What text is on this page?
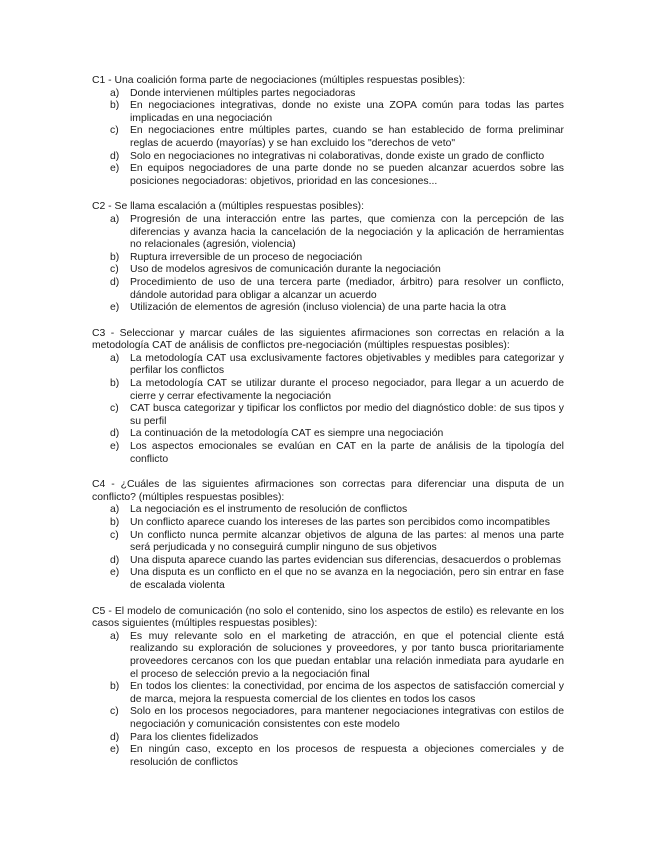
C1 - Una coalición forma parte de negociaciones (múltiples respuestas posibles):
a) Donde intervienen múltiples partes negociadoras
b) En negociaciones integrativas, donde no existe una ZOPA común para todas las partes implicadas en una negociación
c) En negociaciones entre múltiples partes, cuando se han establecido de forma preliminar reglas de acuerdo (mayorías) y se han excluido los "derechos de veto"
d) Solo en negociaciones no integrativas ni colaborativas, donde existe un grado de conflicto
e) En equipos negociadores de una parte donde no se pueden alcanzar acuerdos sobre las posiciones negociadoras: objetivos, prioridad en las concesiones...
C2 - Se llama escalación a (múltiples respuestas posibles):
a) Progresión de una interacción entre las partes, que comienza con la percepción de las diferencias y avanza hacia la cancelación de la negociación y la aplicación de herramientas no relacionales (agresión, violencia)
b) Ruptura irreversible de un proceso de negociación
c) Uso de modelos agresivos de comunicación durante la negociación
d) Procedimiento de uso de una tercera parte (mediador, árbitro) para resolver un conflicto, dándole autoridad para obligar a alcanzar un acuerdo
e) Utilización de elementos de agresión (incluso violencia) de una parte hacia la otra
C3 - Seleccionar y marcar cuáles de las siguientes afirmaciones son correctas en relación a la metodología CAT de análisis de conflictos pre-negociación (múltiples respuestas posibles):
a) La metodología CAT usa exclusivamente factores objetivables y medibles para categorizar y perfilar los conflictos
b) La metodología CAT se utilizar durante el proceso negociador, para llegar a un acuerdo de cierre y cerrar efectivamente la negociación
c) CAT busca categorizar y tipificar los conflictos por medio del diagnóstico doble: de sus tipos y su perfil
d) La continuación de la metodología CAT es siempre una negociación
e) Los aspectos emocionales se evalúan en CAT en la parte de análisis de la tipología del conflicto
C4 - ¿Cuáles de las siguientes afirmaciones son correctas para diferenciar una disputa de un conflicto? (múltiples respuestas posibles):
a) La negociación es el instrumento de resolución de conflictos
b) Un conflicto aparece cuando los intereses de las partes son percibidos como incompatibles
c) Un conflicto nunca permite alcanzar objetivos de alguna de las partes: al menos una parte será perjudicada y no conseguirá cumplir ninguno de sus objetivos
d) Una disputa aparece cuando las partes evidencian sus diferencias, desacuerdos o problemas
e) Una disputa es un conflicto en el que no se avanza en la negociación, pero sin entrar en fase de escalada violenta
C5 - El modelo de comunicación (no solo el contenido, sino los aspectos de estilo) es relevante en los casos siguientes (múltiples respuestas posibles):
a) Es muy relevante solo en el marketing de atracción, en que el potencial cliente está realizando su exploración de soluciones y proveedores, y por tanto busca prioritariamente proveedores cercanos con los que puedan entablar una relación inmediata para ayudarle en el proceso de selección previo a la negociación final
b) En todos los clientes: la conectividad, por encima de los aspectos de satisfacción comercial y de marca, mejora la respuesta comercial de los clientes en todos los casos
c) Solo en los procesos negociadores, para mantener negociaciones integrativas con estilos de negociación y comunicación consistentes con este modelo
d) Para los clientes fidelizados
e) En ningún caso, excepto en los procesos de respuesta a objeciones comerciales y de resolución de conflictos
